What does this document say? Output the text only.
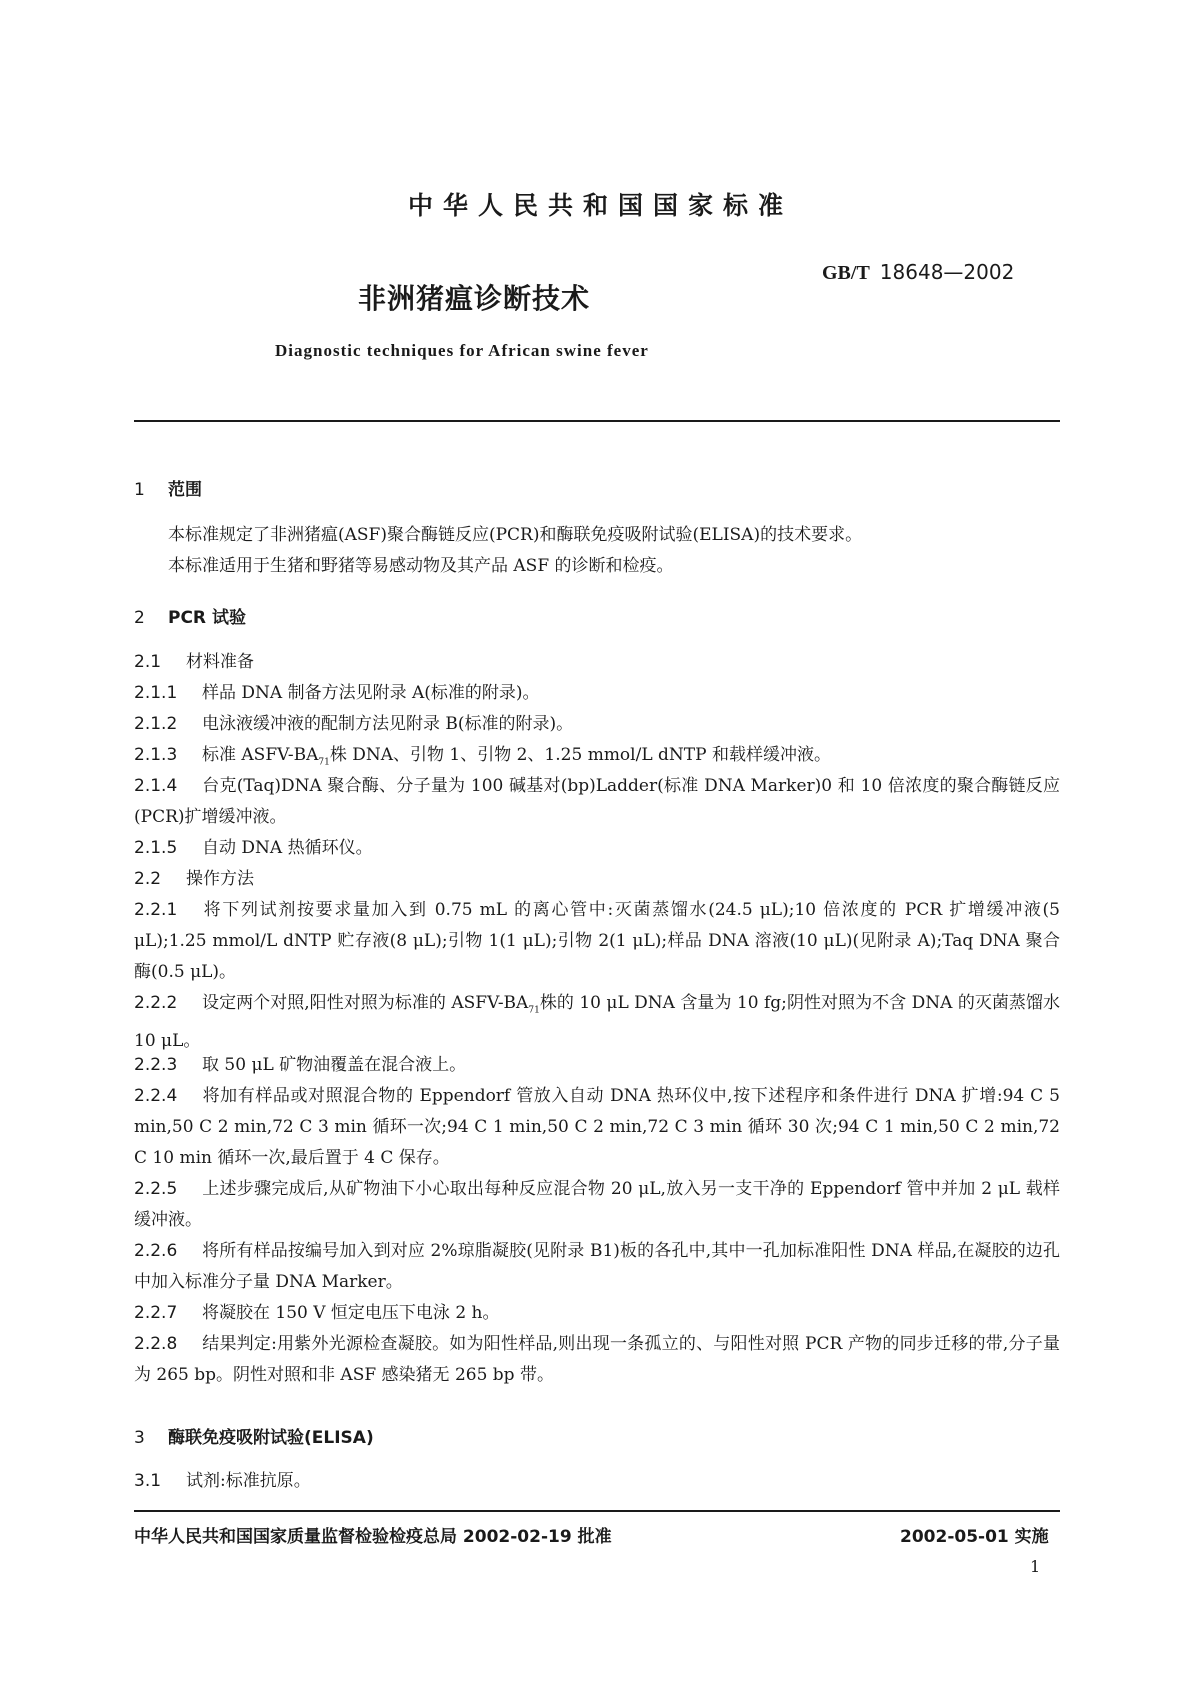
中华人民共和国国家标准
GB/T 18648—2002
非洲猪瘟诊断技术
Diagnostic techniques for African swine fever
1 范围
本标准规定了非洲猪瘟(ASF)聚合酶链反应(PCR)和酶联免疫吸附试验(ELISA)的技术要求。
本标准适用于生猪和野猪等易感动物及其产品 ASF 的诊断和检疫。
2 PCR 试验
2.1 材料准备
2.1.1 样品 DNA 制备方法见附录 A(标准的附录)。
2.1.2 电泳液缓冲液的配制方法见附录 B(标准的附录)。
2.1.3 标准 ASFV-$BA_{71}$株 DNA、引物 1、引物 2、1.25 mmol/L dNTP 和载样缓冲液。
2.1.4 台克(Taq)DNA 聚合酶、分子量为 100 碱基对(bp)Ladder(标准 DNA Marker)0 和 10 倍浓度的聚合酶链反应(PCR)扩增缓冲液。
2.1.5 自动 DNA 热循环仪。
2.2 操作方法
2.2.1 将下列试剂按要求量加入到 0.75 mL 的离心管中:灭菌蒸馏水(24.5 μL);10 倍浓度的 PCR 扩增缓冲液(5 μL);1.25 mmol/L dNTP 贮存液(8 μL);引物 1(1 μL);引物 2(1 μL);样品 DNA 溶液(10 μL)(见附录 A);Taq DNA 聚合酶(0.5 μL)。
2.2.2 设定两个对照,阳性对照为标准的 ASFV-$BA_{71}$株的 10 μL DNA 含量为 10 fg;阴性对照为不含 DNA 的灭菌蒸馏水 10 μL。
2.2.3 取 50 μL 矿物油覆盖在混合液上。
2.2.4 将加有样品或对照混合物的 Eppendorf 管放入自动 DNA 热环仪中,按下述程序和条件进行 DNA 扩增:94 C 5 min,50 C 2 min,72 C 3 min 循环一次;94 C 1 min,50 C 2 min,72 C 3 min 循环 30 次;94 C 1 min,50 C 2 min,72 C 10 min 循环一次,最后置于 4 C 保存。
2.2.5 上述步骤完成后,从矿物油下小心取出每种反应混合物 20 μL,放入另一支干净的 Eppendorf 管中并加 2 μL 载样缓冲液。
2.2.6 将所有样品按编号加入到对应 2%琼脂凝胶(见附录 B1)板的各孔中,其中一孔加标准阳性 DNA 样品,在凝胶的边孔中加入标准分子量 DNA Marker。
2.2.7 将凝胶在 150 V 恒定电压下电泳 2 h。
2.2.8 结果判定:用紫外光源检查凝胶。如为阳性样品,则出现一条孤立的、与阳性对照 PCR 产物的同步迁移的带,分子量为 265 bp。阴性对照和非 ASF 感染猪无 265 bp 带。
3 酶联免疫吸附试验(ELISA)
3.1 试剂:标准抗原。
中华人民共和国国家质量监督检验检疫总局 2002-02-19 批准	2002-05-01 实施
1
